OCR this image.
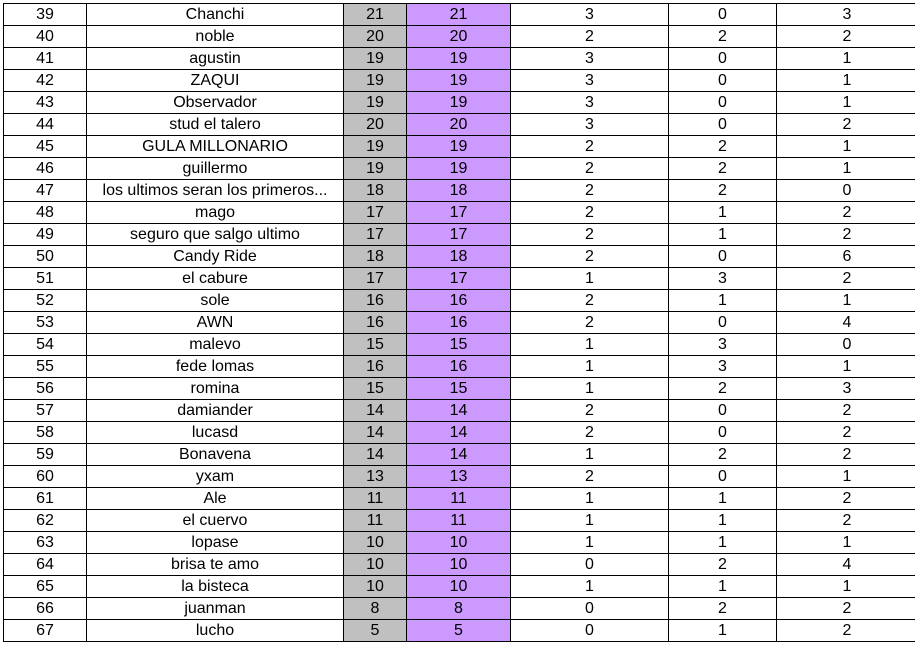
39	Chanchi	21	21	3	0	3
40	noble	20	20	2	2	2
41	agustin	19	19	3	0	1
42	ZAQUI	19	19	3	0	1
43	Observador	19	19	3	0	1
44	stud el talero	20	20	3	0	2
45	GULA MILLONARIO	19	19	2	2	1
46	guillermo	19	19	2	2	1
47	los ultimos seran los primeros...	18	18	2	2	0
48	mago	17	17	2	1	2
49	seguro que salgo ultimo	17	17	2	1	2
50	Candy Ride	18	18	2	0	6
51	el cabure	17	17	1	3	2
52	sole	16	16	2	1	1
53	AWN	16	16	2	0	4
54	malevo	15	15	1	3	0
55	fede lomas	16	16	1	3	1
56	romina	15	15	1	2	3
57	damiander	14	14	2	0	2
58	lucasd	14	14	2	0	2
59	Bonavena	14	14	1	2	2
60	yxam	13	13	2	0	1
61	Ale	11	11	1	1	2
62	el cuervo	11	11	1	1	2
63	lopase	10	10	1	1	1
64	brisa te amo	10	10	0	2	4
65	la bisteca	10	10	1	1	1
66	juanman	8	8	0	2	2
67	lucho	5	5	0	1	2
